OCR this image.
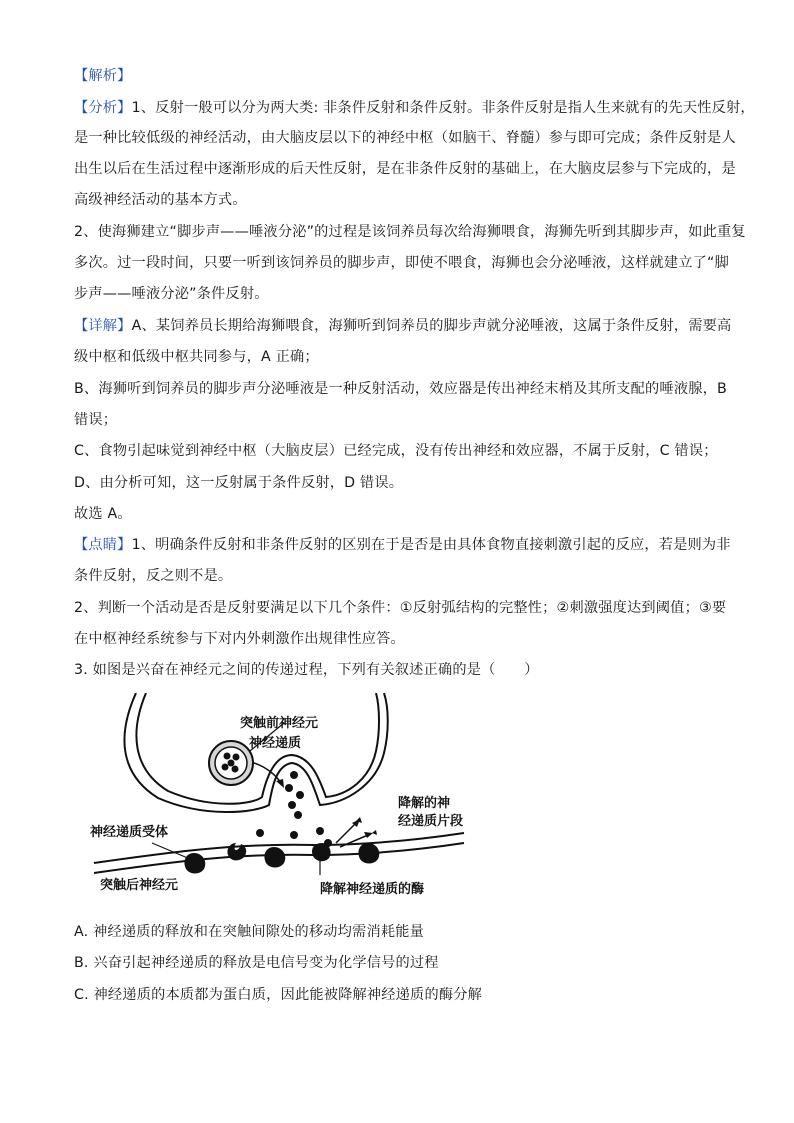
【解析】
【分析】1、反射一般可以分为两大类: 非条件反射和条件反射。非条件反射是指人生来就有的先天性反射，
是一种比较低级的神经活动，由大脑皮层以下的神经中枢（如脑干、脊髓）参与即可完成；条件反射是人
出生以后在生活过程中逐渐形成的后天性反射，是在非条件反射的基础上，在大脑皮层参与下完成的，是
高级神经活动的基本方式。
2、使海狮建立“脚步声——唾液分泌”的过程是该饲养员每次给海狮喂食，海狮先听到其脚步声，如此重复
多次。过一段时间，只要一听到该饲养员的脚步声，即使不喂食，海狮也会分泌唾液，这样就建立了“脚
步声——唾液分泌”条件反射。
【详解】A、某饲养员长期给海狮喂食，海狮听到饲养员的脚步声就分泌唾液，这属于条件反射，需要高
级中枢和低级中枢共同参与，A 正确；
B、海狮听到饲养员的脚步声分泌唾液是一种反射活动，效应器是传出神经末梢及其所支配的唾液腺，B
错误；
C、食物引起味觉到神经中枢（大脑皮层）已经完成，没有传出神经和效应器，不属于反射，C 错误；
D、由分析可知，这一反射属于条件反射，D 错误。
故选 A。
【点睛】1、明确条件反射和非条件反射的区别在于是否是由具体食物直接刺激引起的反应，若是则为非
条件反射，反之则不是。
2、判断一个活动是否是反射要满足以下几个条件：①反射弧结构的完整性；②刺激强度达到阈值；③要
在中枢神经系统参与下对内外刺激作出规律性应答。
3. 如图是兴奋在神经元之间的传递过程，下列有关叙述正确的是（　　）
突触前神经元
神经递质
降解的神
经递质片段
神经递质受体
突触后神经元	降解神经递质的酶
A. 神经递质的释放和在突触间隙处的移动均需消耗能量
B. 兴奋引起神经递质的释放是电信号变为化学信号的过程
C. 神经递质的本质都为蛋白质，因此能被降解神经递质的酶分解
